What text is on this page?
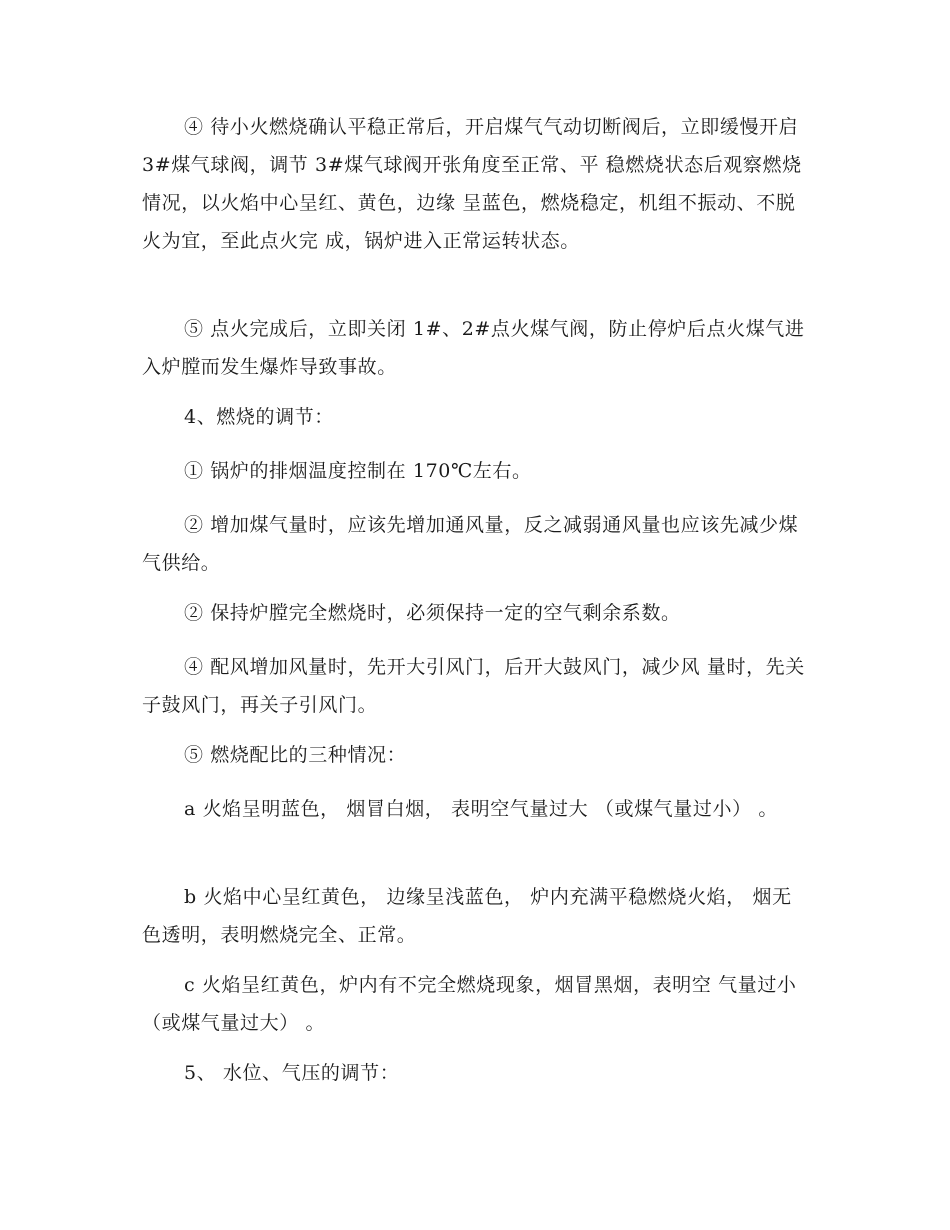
④ 待小火燃烧确认平稳正常后，开启煤气气动切断阀后，立即缓慢开启 3#煤气球阀，调节 3#煤气球阀开张角度至正常、平 稳燃烧状态后观察燃烧情况，以火焰中心呈红、黄色，边缘 呈蓝色，燃烧稳定，机组不振动、不脱火为宜，至此点火完 成，锅炉进入正常运转状态。

⑤ 点火完成后，立即关闭 1#、2#点火煤气阀，防止停炉后点火煤气进入炉膛而发生爆炸导致事故。

4、燃烧的调节：

① 锅炉的排烟温度控制在 170℃左右。

② 增加煤气量时，应该先增加通风量，反之减弱通风量也应该先减少煤气供给。

② 保持炉膛完全燃烧时，必须保持一定的空气剩余系数。

④ 配风增加风量时，先开大引风门，后开大鼓风门，减少风 量时，先关子鼓风门，再关子引风门。

⑤ 燃烧配比的三种情况：

a 火焰呈明蓝色， 烟冒白烟， 表明空气量过大 （或煤气量过小） 。

b 火焰中心呈红黄色， 边缘呈浅蓝色， 炉内充满平稳燃烧火焰， 烟无色透明，表明燃烧完全、正常。

c 火焰呈红黄色，炉内有不完全燃烧现象，烟冒黑烟，表明空 气量过小（或煤气量过大） 。

5、 水位、气压的调节：
